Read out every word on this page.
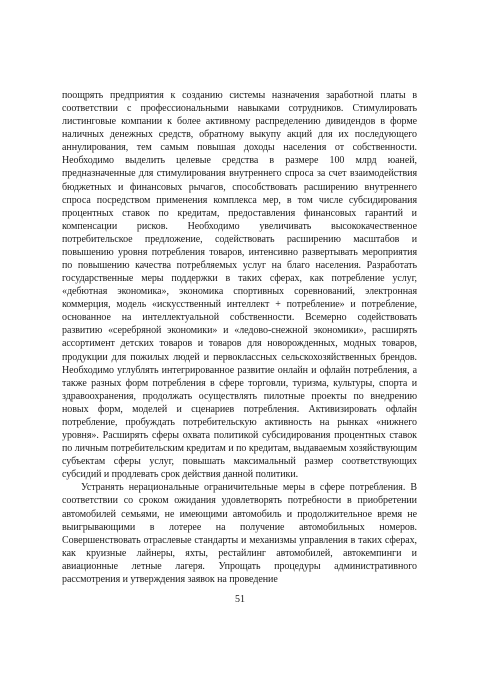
поощрять предприятия к созданию системы назначения заработной платы в соответствии с профессиональными навыками сотрудников. Стимулировать листинговые компании к более активному распределению дивидендов в форме наличных денежных средств, обратному выкупу акций для их последующего аннулирования, тем самым повышая доходы населения от собственности. Необходимо выделить целевые средства в размере 100 млрд юаней, предназначенные для стимулирования внутреннего спроса за счет взаимодействия бюджетных и финансовых рычагов, способствовать расширению внутреннего спроса посредством применения комплекса мер, в том числе субсидирования процентных ставок по кредитам, предоставления финансовых гарантий и компенсации рисков. Необходимо увеличивать высококачественное потребительское предложение, содействовать расширению масштабов и повышению уровня потребления товаров, интенсивно развертывать мероприятия по повышению качества потребляемых услуг на благо населения. Разработать государственные меры поддержки в таких сферах, как потребление услуг, «дебютная экономика», экономика спортивных соревнований, электронная коммерция, модель «искусственный интеллект + потребление» и потребление, основанное на интеллектуальной собственности. Всемерно содействовать развитию «серебряной экономики» и «ледово-снежной экономики», расширять ассортимент детских товаров и товаров для новорожденных, модных товаров, продукции для пожилых людей и первоклассных сельскохозяйственных брендов. Необходимо углублять интегрированное развитие онлайн и офлайн потребления, а также разных форм потребления в сфере торговли, туризма, культуры, спорта и здравоохранения, продолжать осуществлять пилотные проекты по внедрению новых форм, моделей и сценариев потребления. Активизировать офлайн потребление, пробуждать потребительскую активность на рынках «нижнего уровня». Расширять сферы охвата политикой субсидирования процентных ставок по личным потребительским кредитам и по кредитам, выдаваемым хозяйствующим субъектам сферы услуг, повышать максимальный размер соответствующих субсидий и продлевать срок действия данной политики.

Устранять нерациональные ограничительные меры в сфере потребления. В соответствии со сроком ожидания удовлетворять потребности в приобретении автомобилей семьями, не имеющими автомобиль и продолжительное время не выигрывающими в лотерее на получение автомобильных номеров. Совершенствовать отраслевые стандарты и механизмы управления в таких сферах, как круизные лайнеры, яхты, рестайлинг автомобилей, автокемпинги и авиационные летные лагеря. Упрощать процедуры административного рассмотрения и утверждения заявок на проведение

51
